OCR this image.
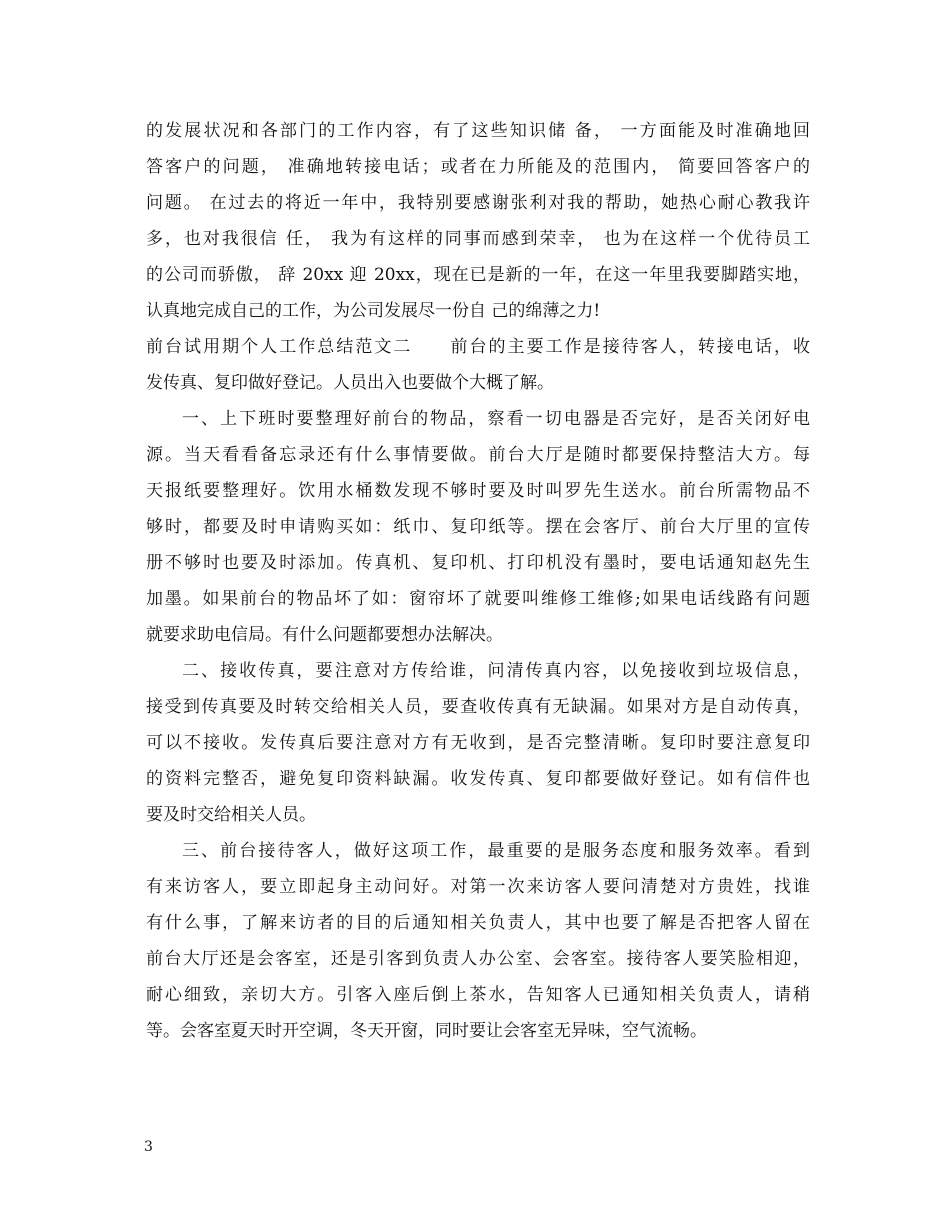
的发展状况和各部门的工作内容，有了这些知识储 备， 一方面能及时准确地回
答客户的问题， 准确地转接电话；或者在力所能及的范围内， 简要回答客户的
问题。 在过去的将近一年中，我特别要感谢张利对我的帮助，她热心耐心教我许
多，也对我很信 任， 我为有这样的同事而感到荣幸， 也为在这样一个优待员工
的公司而骄傲， 辞 20xx 迎 20xx，现在已是新的一年，在这一年里我要脚踏实地，
认真地完成自己的工作，为公司发展尽一份自 己的绵薄之力!
前台试用期个人工作总结范文二　　前台的主要工作是接待客人，转接电话，收
发传真、复印做好登记。人员出入也要做个大概了解。
一、上下班时要整理好前台的物品，察看一切电器是否完好，是否关闭好电
源。当天看看备忘录还有什么事情要做。前台大厅是随时都要保持整洁大方。每
天报纸要整理好。饮用水桶数发现不够时要及时叫罗先生送水。前台所需物品不
够时，都要及时申请购买如：纸巾、复印纸等。摆在会客厅、前台大厅里的宣传
册不够时也要及时添加。传真机、复印机、打印机没有墨时，要电话通知赵先生
加墨。如果前台的物品坏了如：窗帘坏了就要叫维修工维修;如果电话线路有问题
就要求助电信局。有什么问题都要想办法解决。
二、接收传真，要注意对方传给谁，问清传真内容，以免接收到垃圾信息，
接受到传真要及时转交给相关人员，要查收传真有无缺漏。如果对方是自动传真，
可以不接收。发传真后要注意对方有无收到，是否完整清晰。复印时要注意复印
的资料完整否，避免复印资料缺漏。收发传真、复印都要做好登记。如有信件也
要及时交给相关人员。
三、前台接待客人，做好这项工作，最重要的是服务态度和服务效率。看到
有来访客人，要立即起身主动问好。对第一次来访客人要问清楚对方贵姓，找谁
有什么事，了解来访者的目的后通知相关负责人，其中也要了解是否把客人留在
前台大厅还是会客室，还是引客到负责人办公室、会客室。接待客人要笑脸相迎，
耐心细致，亲切大方。引客入座后倒上茶水，告知客人已通知相关负责人，请稍
等。会客室夏天时开空调，冬天开窗，同时要让会客室无异味，空气流畅。
3
